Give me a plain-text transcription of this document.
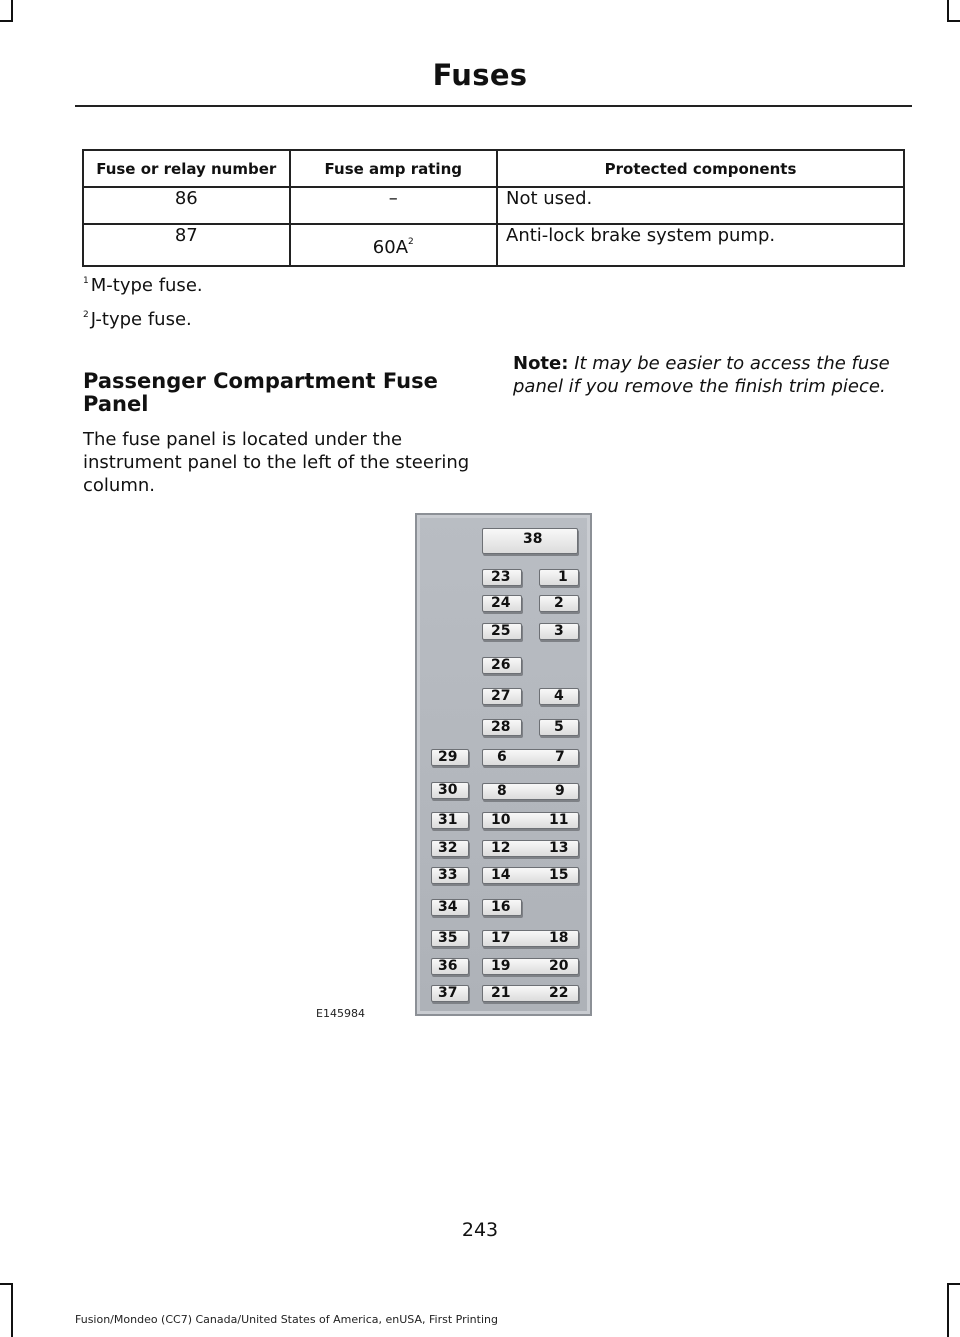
Fuses
Fuse or relay number	Fuse amp rating	Protected components
86	–	Not used.
87	$60A^2$	Anti-lock brake system pump.
$^1$ M-type fuse.
$^2$ J-type fuse.
Passenger Compartment Fuse
Panel
The fuse panel is located under the
instrument panel to the left of the steering
column.
Note: It may be easier to access the fuse
panel if you remove the finish trim piece.
38
23	1
24	2
25	3
26
27	4
28	5
29	6	7
30	8	9
31 10	11
32 12	13
33 14	15
34 16
35 17	18
36 19	20
37 21	22
E145984
243
Fusion/Mondeo (CC7) Canada/United States of America, enUSA, First Printing
